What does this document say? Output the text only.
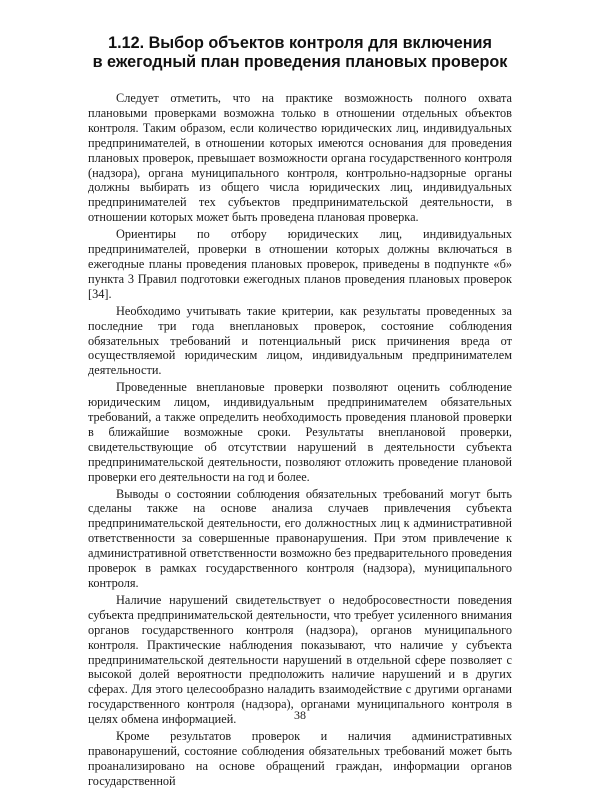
1.12. Выбор объектов контроля для включения
в ежегодный план проведения плановых проверок

Следует отметить, что на практике возможность полного охвата плановыми проверками возможна только в отношении отдельных объектов контроля. Таким образом, если количество юридических лиц, индивидуальных предпринимателей, в отношении которых имеются основания для проведения плановых проверок, превышает возможности органа государственного контроля (надзора), органа муниципального контроля, контрольно-надзорные органы должны выбирать из общего числа юридических лиц, индивидуальных предпринимателей тех субъектов предпринимательской деятельности, в отношении которых может быть проведена плановая проверка.

Ориентиры по отбору юридических лиц, индивидуальных предпринимателей, проверки в отношении которых должны включаться в ежегодные планы проведения плановых проверок, приведены в подпункте «б» пункта 3 Правил подготовки ежегодных планов проведения плановых проверок [34].

Необходимо учитывать такие критерии, как результаты проведенных за последние три года внеплановых проверок, состояние соблюдения обязательных требований и потенциальный риск причинения вреда от осуществляемой юридическим лицом, индивидуальным предпринимателем деятельности.

Проведенные внеплановые проверки позволяют оценить соблюдение юридическим лицом, индивидуальным предпринимателем обязательных требований, а также определить необходимость проведения плановой проверки в ближайшие возможные сроки. Результаты внеплановой проверки, свидетельствующие об отсутствии нарушений в деятельности субъекта предпринимательской деятельности, позволяют отложить проведение плановой проверки его деятельности на год и более.

Выводы о состоянии соблюдения обязательных требований могут быть сделаны также на основе анализа случаев привлечения субъекта предпринимательской деятельности, его должностных лиц к административной ответственности за совершенные правонарушения. При этом привлечение к административной ответственности возможно без предварительного проведения проверок в рамках государственного контроля (надзора), муниципального контроля.

Наличие нарушений свидетельствует о недобросовестности поведения субъекта предпринимательской деятельности, что требует усиленного внимания органов государственного контроля (надзора), органов муниципального контроля. Практические наблюдения показывают, что наличие у субъекта предпринимательской деятельности нарушений в отдельной сфере позволяет с высокой долей вероятности предположить наличие нарушений и в других сферах. Для этого целесообразно наладить взаимодействие с другими органами государственного контроля (надзора), органами муниципального контроля в целях обмена информацией.

Кроме результатов проверок и наличия административных правонарушений, состояние соблюдения обязательных требований может быть проанализировано на основе обращений граждан, информации органов государственной

38
